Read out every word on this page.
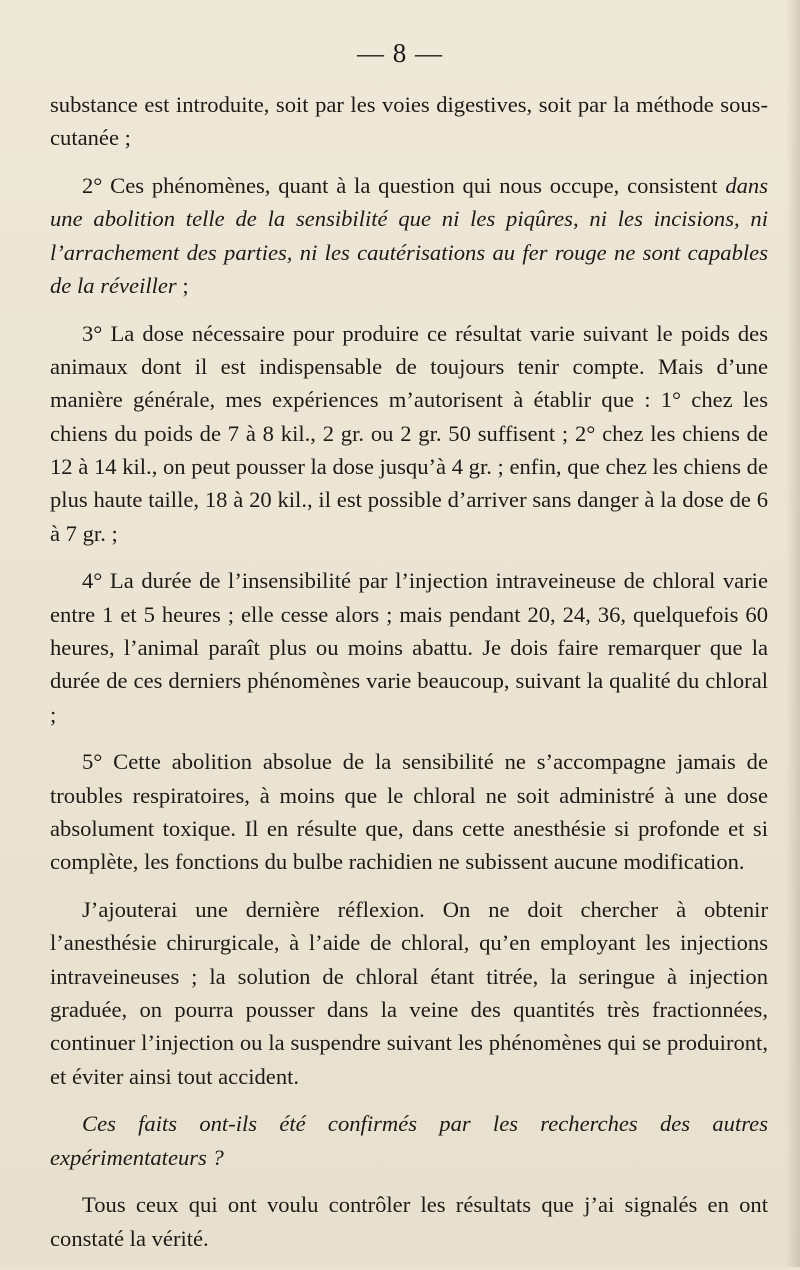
— 8 —

substance est introduite, soit par les voies digestives, soit par la méthode sous-cutanée ;

2° Ces phénomènes, quant à la question qui nous occupe, consistent dans une abolition telle de la sensibilité que ni les piqûres, ni les incisions, ni l’arrachement des parties, ni les cautérisations au fer rouge ne sont capables de la réveiller ;

3° La dose nécessaire pour produire ce résultat varie suivant le poids des animaux dont il est indispensable de toujours tenir compte. Mais d’une manière générale, mes expériences m’autorisent à établir que : 1° chez les chiens du poids de 7 à 8 kil., 2 gr. ou 2 gr. 50 suffisent ; 2° chez les chiens de 12 à 14 kil., on peut pousser la dose jusqu’à 4 gr. ; enfin, que chez les chiens de plus haute taille, 18 à 20 kil., il est possible d’arriver sans danger à la dose de 6 à 7 gr. ;

4° La durée de l’insensibilité par l’injection intraveineuse de chloral varie entre 1 et 5 heures ; elle cesse alors ; mais pendant 20, 24, 36, quelquefois 60 heures, l’animal paraît plus ou moins abattu. Je dois faire remarquer que la durée de ces derniers phénomènes varie beaucoup, suivant la qualité du chloral ;

5° Cette abolition absolue de la sensibilité ne s’accompagne jamais de troubles respiratoires, à moins que le chloral ne soit administré à une dose absolument toxique. Il en résulte que, dans cette anesthésie si profonde et si complète, les fonctions du bulbe rachidien ne subissent aucune modification.

J’ajouterai une dernière réflexion. On ne doit chercher à obtenir l’anesthésie chirurgicale, à l’aide de chloral, qu’en employant les injections intraveineuses ; la solution de chloral étant titrée, la seringue à injection graduée, on pourra pousser dans la veine des quantités très fractionnées, continuer l’injection ou la suspendre suivant les phénomènes qui se produiront, et éviter ainsi tout accident.

Ces faits ont-ils été confirmés par les recherches des autres expérimentateurs ?

Tous ceux qui ont voulu contrôler les résultats que j’ai signalés en ont constaté la vérité.
